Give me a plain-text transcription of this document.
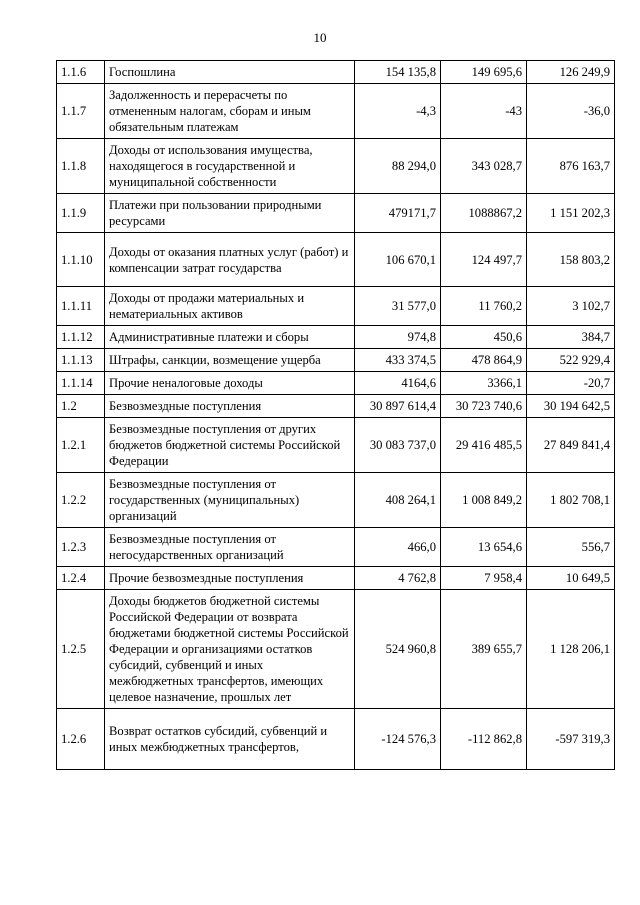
10
1.1.6	Госпошлина	154 135,8	149 695,6	126 249,9
1.1.7	Задолженность и перерасчеты по отмененным налогам, сборам и иным обязательным платежам	-4,3	-43	-36,0
1.1.8	Доходы от использования имущества, находящегося в государственной и муниципальной собственности	88 294,0	343 028,7	876 163,7
1.1.9	Платежи при пользовании природными ресурсами	479171,7	1088867,2	1 151 202,3
1.1.10	Доходы от оказания платных услуг (работ) и компенсации затрат государства	106 670,1	124 497,7	158 803,2
1.1.11	Доходы от продажи материальных и нематериальных активов	31 577,0	11 760,2	3 102,7
1.1.12	Административные платежи и сборы	974,8	450,6	384,7
1.1.13	Штрафы, санкции, возмещение ущерба	433 374,5	478 864,9	522 929,4
1.1.14	Прочие неналоговые доходы	4164,6	3366,1	-20,7
1.2	Безвозмездные поступления	30 897 614,4	30 723 740,6	30 194 642,5
1.2.1	Безвозмездные поступления от других бюджетов бюджетной системы Российской Федерации	30 083 737,0	29 416 485,5	27 849 841,4
1.2.2	Безвозмездные поступления от государственных (муниципальных) организаций	408 264,1	1 008 849,2	1 802 708,1
1.2.3	Безвозмездные поступления от негосударственных организаций	466,0	13 654,6	556,7
1.2.4	Прочие безвозмездные поступления	4 762,8	7 958,4	10 649,5
1.2.5	Доходы бюджетов бюджетной системы Российской Федерации от возврата бюджетами бюджетной системы Российской Федерации и организациями остатков субсидий, субвенций и иных межбюджетных трансфертов, имеющих целевое назначение, прошлых лет	524 960,8	389 655,7	1 128 206,1
1.2.6	Возврат остатков субсидий, субвенций и иных межбюджетных трансфертов,	-124 576,3	-112 862,8	-597 319,3
